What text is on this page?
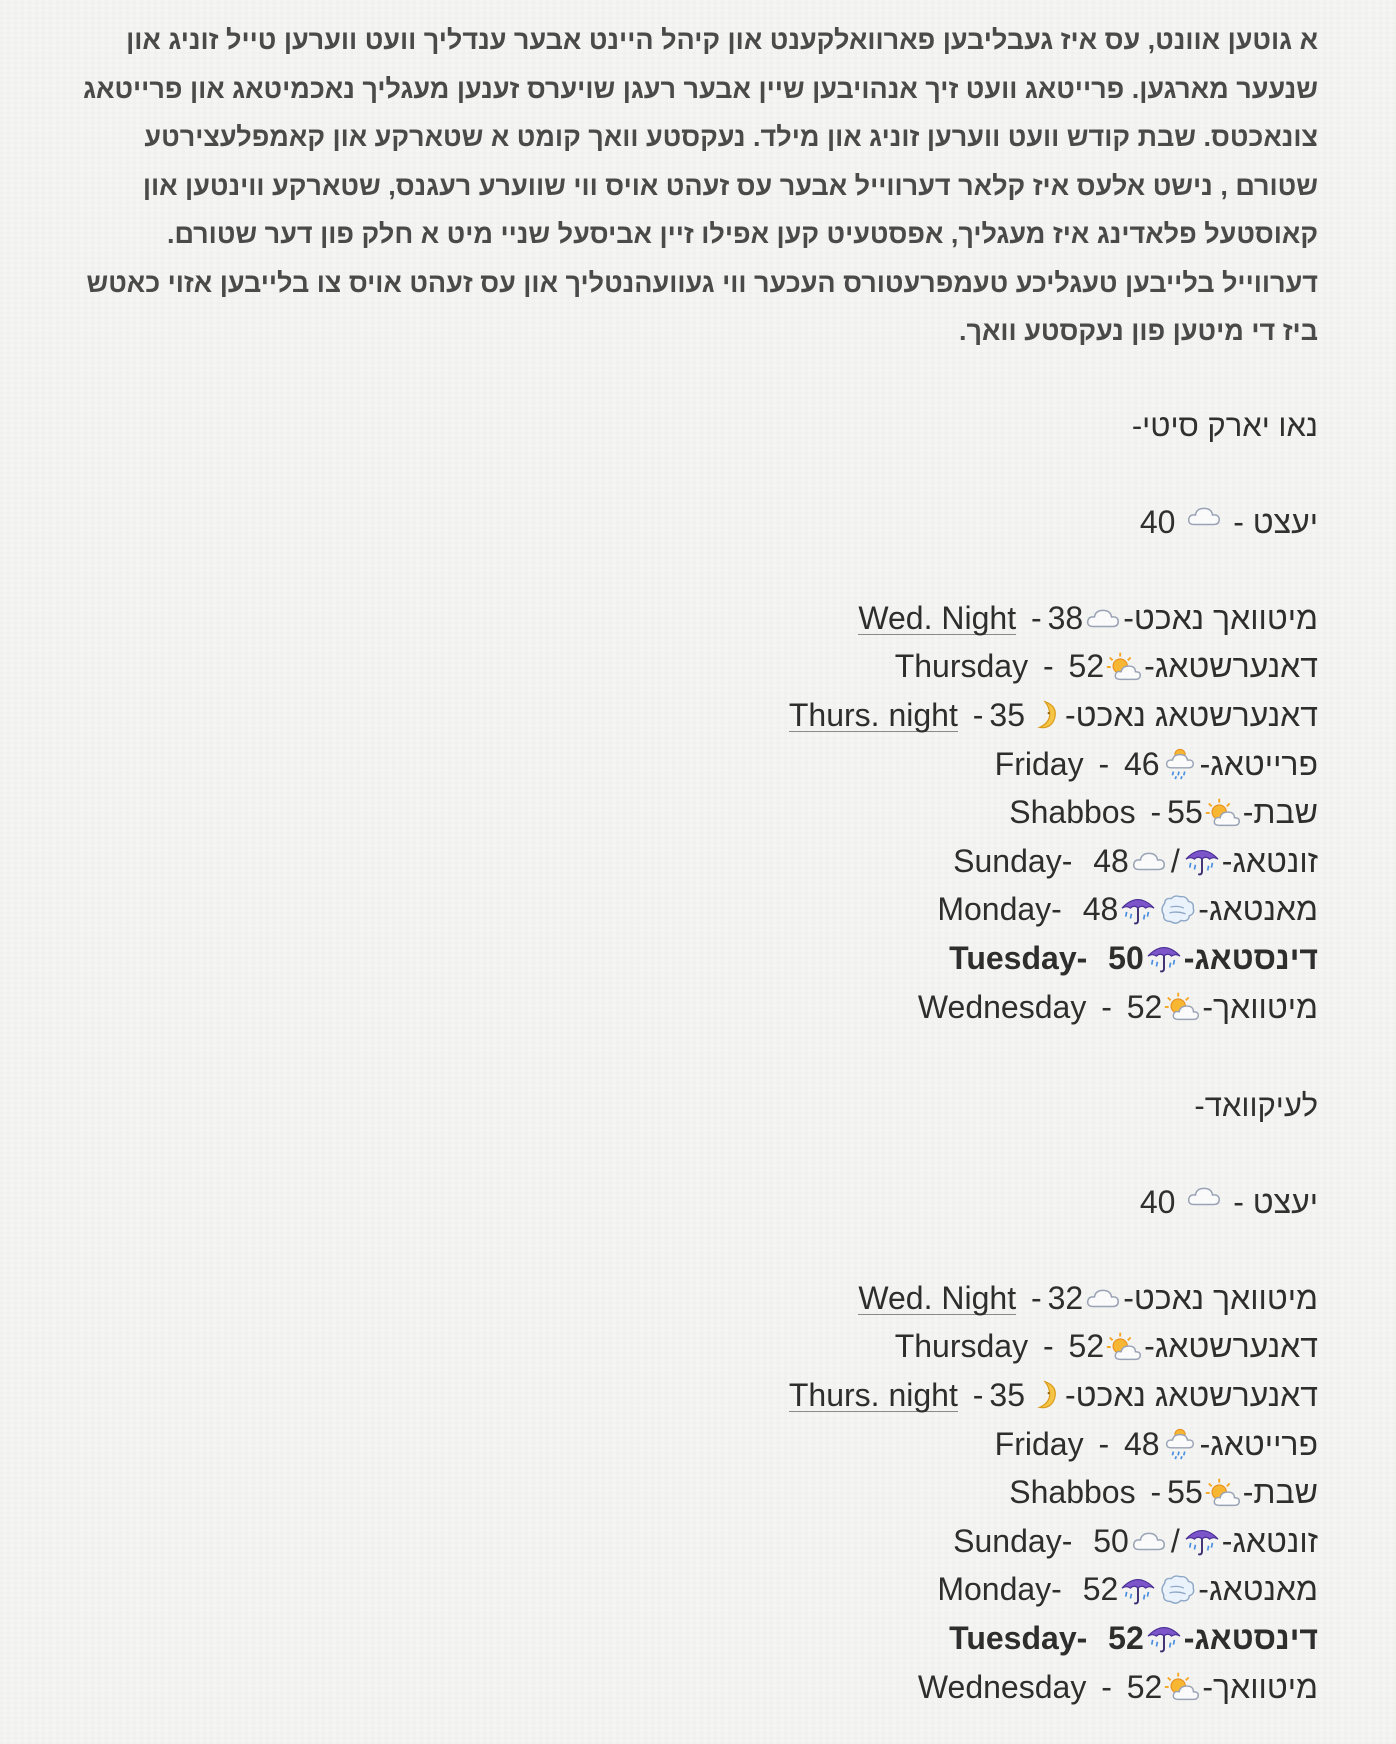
א גוטען אוונט, עס איז געבליבען פארוואלקענט און קיהל היינט אבער ענדליך וועט ווערען טייל זוניג און שנעער מארגען. פרייטאג וועט זיך אנהויבען שיין אבער רעגן שויערס זענען מעגליך נאכמיטאג און פרייטאג צונאכטס. שבת קודש וועט ווערען זוניג און מילד. נעקסטע וואך קומט א שטארקע און קאמפלעצירטע שטורם , נישט אלעס איז קלאר דערווייל אבער עס זעהט אויס ווי שווערע רעגנס, שטארקע ווינטען און קאוסטעל פלאדינג איז מעגליך, אפסטעיט קען אפילו זיין אביסעל שניי מיט א חלק פון דער שטורם. דערווייל בלייבען טעגליכע טעמפרעטורס העכער ווי געוועהנטליך און עס זעהט אויס צו בלייבען אזוי כאטש ביז די מיטען פון נעקסטע וואך.
נאו יארק סיטי-
יעצט -
40
מיטוואך נאכט-
Wed. Night - 38
דאנערשטאג-
Thursday - 52
דאנערשטאג נאכט-
Thurs. night - 35
פרייטאג-
Friday - 46
שבת-
Shabbos - 55
זונטאג-
/
Sunday-
48
מאנטאג-
Monday-
48
דינסטאג-
Tuesday-
50
מיטוואך-
Wednesday - 52
לעיקוואד-
יעצט -
40
מיטוואך נאכט-
Wed. Night - 32
דאנערשטאג-
Thursday - 52
דאנערשטאג נאכט-
Thurs. night - 35
פרייטאג-
Friday - 48
שבת-
Shabbos - 55
זונטאג-
/
Sunday-
50
מאנטאג-
Monday-
52
דינסטאג-
Tuesday-
52
מיטוואך-
Wednesday - 52
